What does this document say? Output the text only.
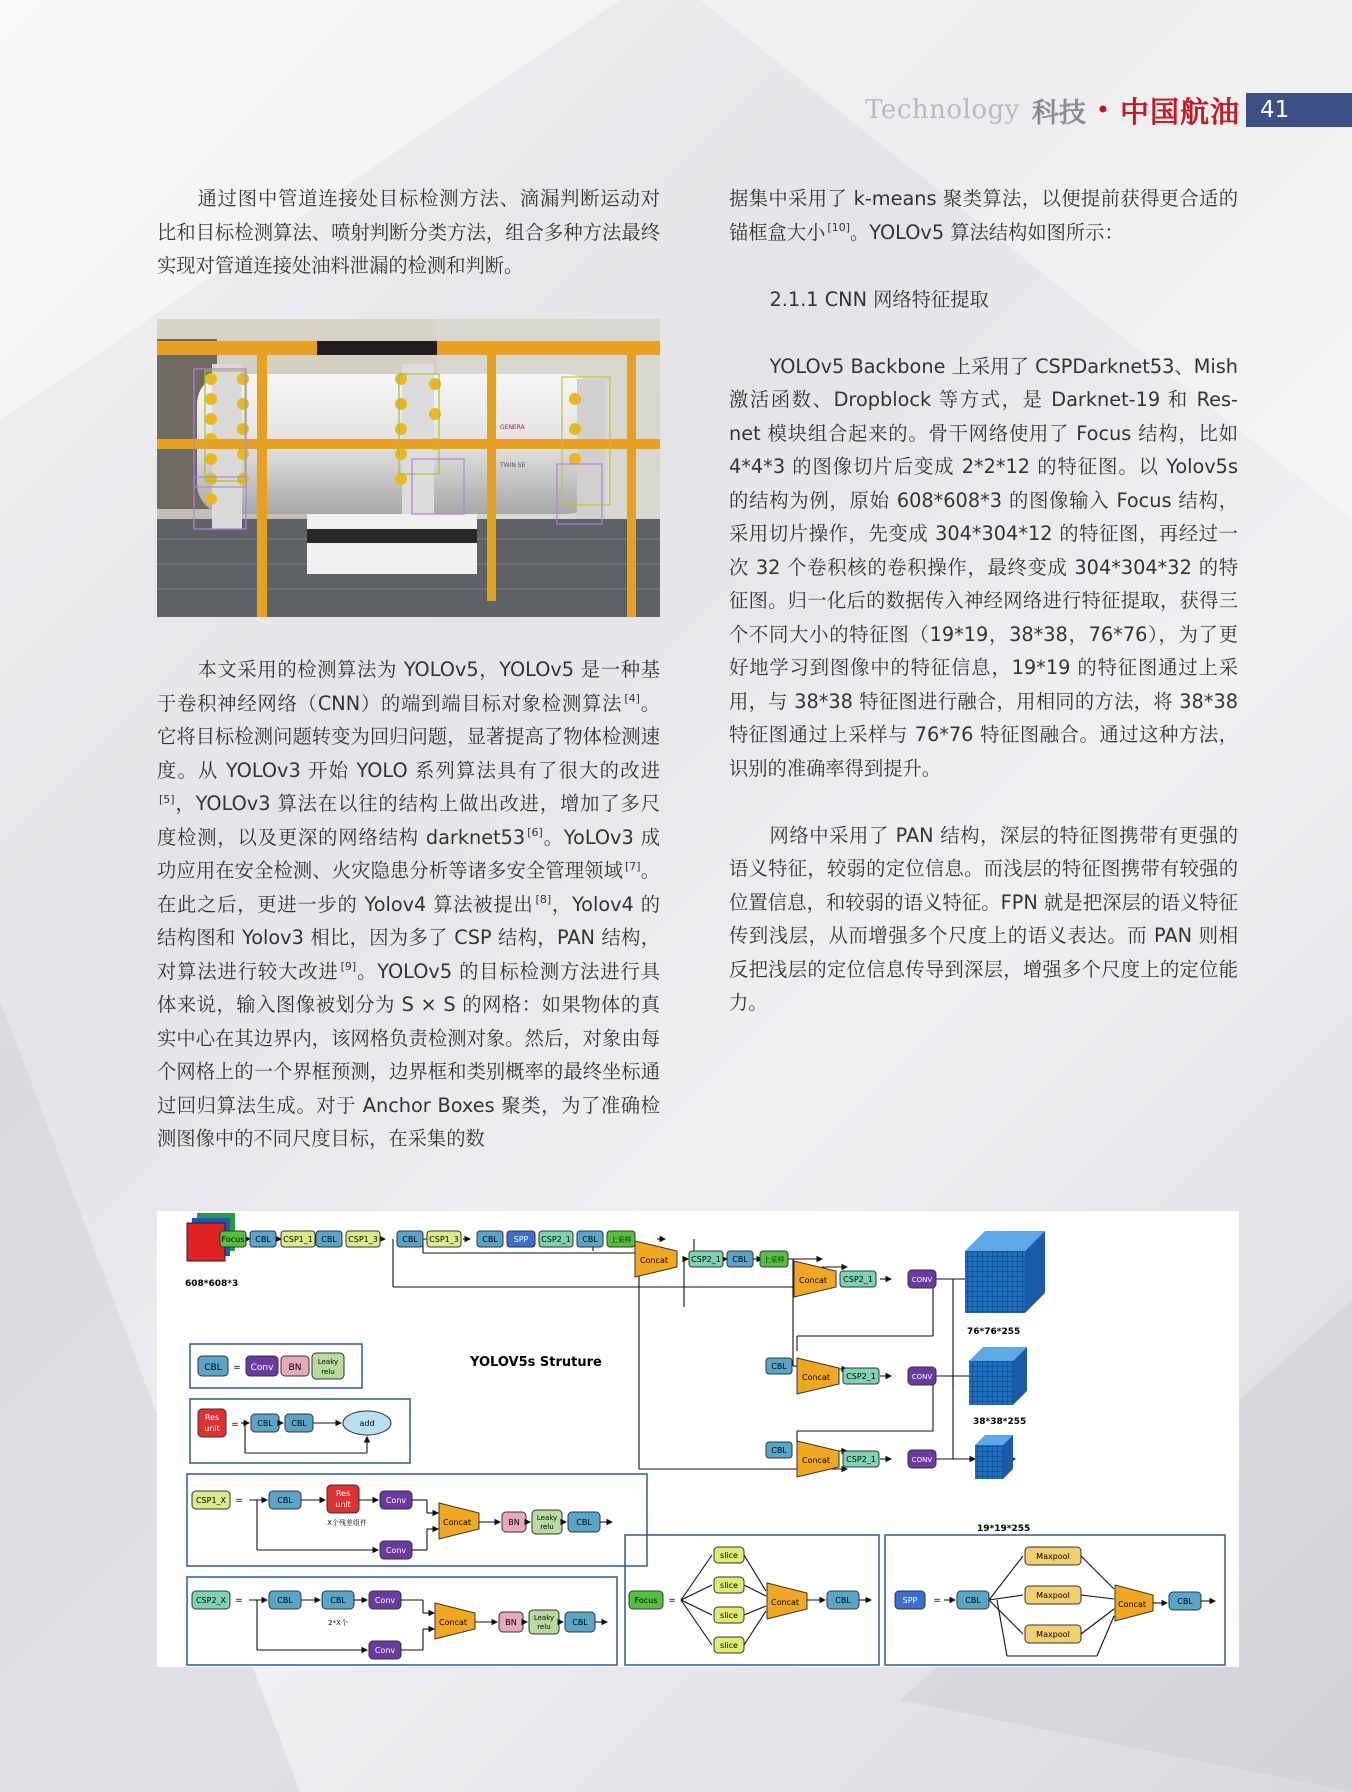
Technology 科技 • 中国航油 41

通过图中管道连接处目标检测方法、滴漏判断运动对比和目标检测算法、喷射判断分类方法，组合多种方法最终实现对管道连接处油料泄漏的检测和判断。

GENERA
TWIN SE

本文采用的检测算法为 YOLOv5，YOLOv5 是一种基于卷积神经网络（CNN）的端到端目标对象检测算法 [4]。它将目标检测问题转变为回归问题，显著提高了物体检测速度。从 YOLOv3 开始 YOLO 系列算法具有了很大的改进[5]，YOLOv3 算法在以往的结构上做出改进，增加了多尺度检测，以及更深的网络结构 darknet53 [6]。YoLOv3 成功应用在安全检测、火灾隐患分析等诸多安全管理领域 [7]。在此之后，更进一步的 Yolov4 算法被提出 [8]，Yolov4 的结构图和 Yolov3 相比，因为多了 CSP 结构，PAN 结构，对算法进行较大改进 [9]。YOLOv5 的目标检测方法进行具体来说，输入图像被划分为 S × S 的网格：如果物体的真实中心在其边界内，该网格负责检测对象。然后，对象由每个网格上的一个界框预测，边界框和类别概率的最终坐标通过回归算法生成。对于 Anchor Boxes 聚类，为了准确检测图像中的不同尺度目标，在采集的数

据集中采用了 k-means 聚类算法，以便提前获得更合适的锚框盒大小 [10]。YOLOv5 算法结构如图所示：

2.1.1 CNN 网络特征提取

YOLOv5 Backbone 上采用了 CSPDarknet53、Mish 激活函数、Dropblock 等方式，是 Darknet-19 和 Res-net 模块组合起来的。骨干网络使用了 Focus 结构，比如 4*4*3 的图像切片后变成 2*2*12 的特征图。以 Yolov5s 的结构为例，原始 608*608*3 的图像输入 Focus 结构，采用切片操作，先变成 304*304*12 的特征图，再经过一次 32 个卷积核的卷积操作，最终变成 304*304*32 的特征图。归一化后的数据传入神经网络进行特征提取，获得三个不同大小的特征图（19*19，38*38，76*76），为了更好地学习到图像中的特征信息，19*19 的特征图通过上采用，与 38*38 特征图进行融合，用相同的方法，将 38*38 特征图通过上采样与 76*76 特征图融合。通过这种方法，识别的准确率得到提升。

网络中采用了 PAN 结构，深层的特征图携带有更强的语义特征，较弱的定位信息。而浅层的特征图携带有较强的位置信息，和较弱的语义特征。FPN 就是把深层的语义特征传到浅层，从而增强多个尺度上的语义表达。而 PAN 则相反把浅层的定位信息传导到深层，增强多个尺度上的定位能力。

608*608*3
Focus CBL CSP1_1 CBL CSP1_3	CBL CSP1_3	CBL SPP CSP2_1 CBL 上采样
Concat	CSP2_1 CBL 上采样
Concat CSP2_1	CONV
76*76*255
CBL
Concat CSP2_1	CONV
38*38*255
CBL
Concat CSP2_1	CONV
19*19*255
YOLOV5s Struture
CBL = Conv BN
Leaky
relu
Res
unit = CBL CBL	add
CSP1_X =	CBL
Res
unit
X个残差组件
Conv
Conv
Concat	BN Leaky
relu	CBL
CSP2_X =	CBL	CBL
2*X个
Conv
Conv
Concat	BN Leaky
relu	CBL
Focus =
slice
slice
slice
slice
Concat	CBL	SPP =	CBL
Maxpool
Maxpool
Maxpool
Concat	CBL
